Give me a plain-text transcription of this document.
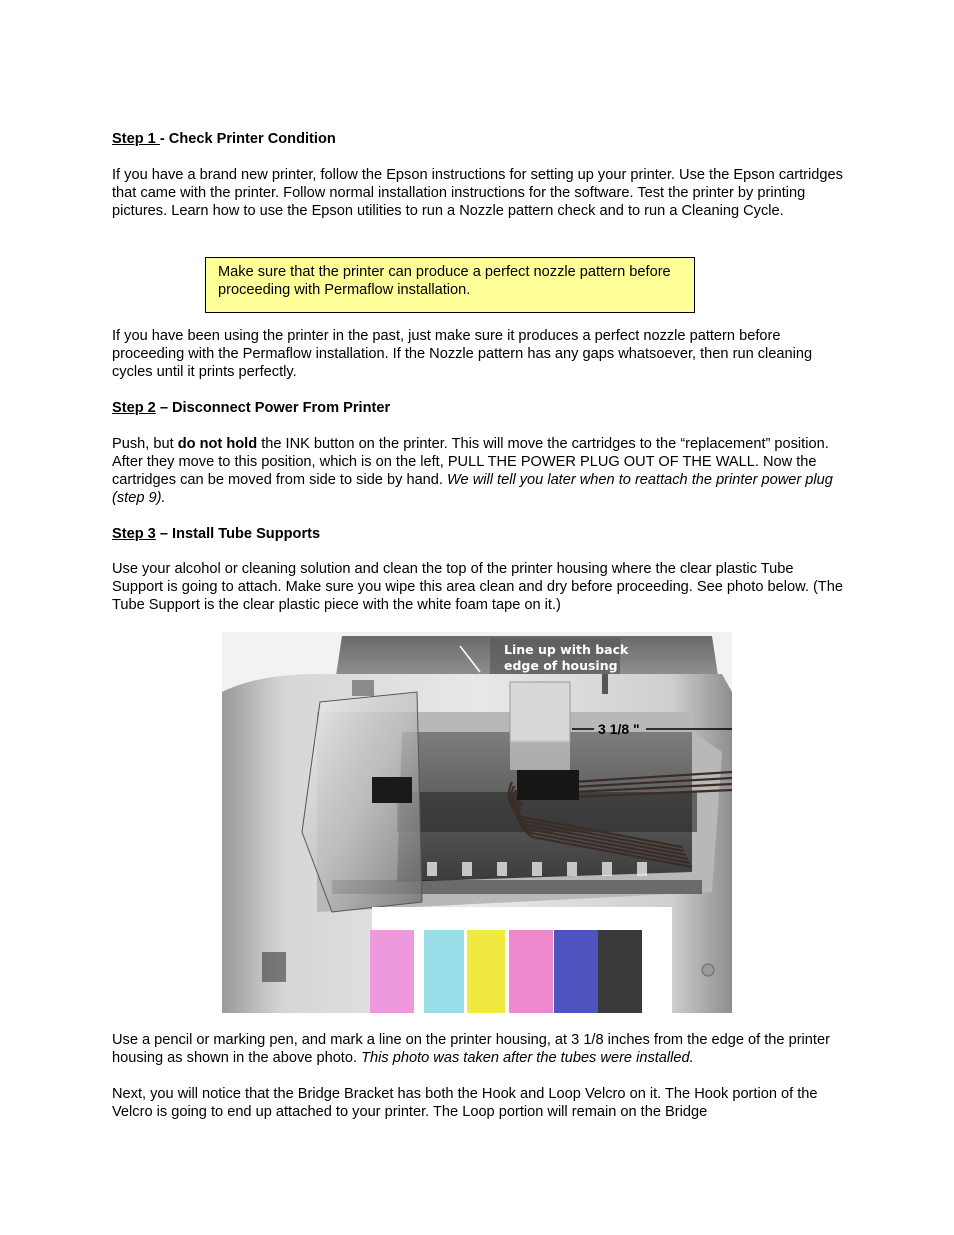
Step 1 - Check Printer Condition

If you have a brand new printer, follow the Epson instructions for setting up your printer. Use the Epson cartridges that came with the printer. Follow normal installation instructions for the software. Test the printer by printing pictures. Learn how to use the Epson utilities to run a Nozzle pattern check and to run a Cleaning Cycle.

Make sure that the printer can produce a perfect nozzle pattern before proceeding with Permaflow installation.

If you have been using the printer in the past, just make sure it produces a perfect nozzle pattern before proceeding with the Permaflow installation. If the Nozzle pattern has any gaps whatsoever, then run cleaning cycles until it prints perfectly.

Step 2 – Disconnect Power From Printer

Push, but do not hold the INK button on the printer. This will move the cartridges to the “replacement” position. After they move to this position, which is on the left, PULL THE POWER PLUG OUT OF THE WALL. Now the cartridges can be moved from side to side by hand. We will tell you later when to reattach the printer power plug (step 9).

Step 3 – Install Tube Supports

Use your alcohol or cleaning solution and clean the top of the printer housing where the clear plastic Tube Support is going to attach. Make sure you wipe this area clean and dry before proceeding. See photo below. (The Tube Support is the clear plastic piece with the white foam tape on it.)

Line up with back
edge of housing
3 1/8 "

Use a pencil or marking pen, and mark a line on the printer housing, at 3 1/8 inches from the edge of the printer housing as shown in the above photo. This photo was taken after the tubes were installed.

Next, you will notice that the Bridge Bracket has both the Hook and Loop Velcro on it. The Hook portion of the Velcro is going to end up attached to your printer. The Loop portion will remain on the Bridge
